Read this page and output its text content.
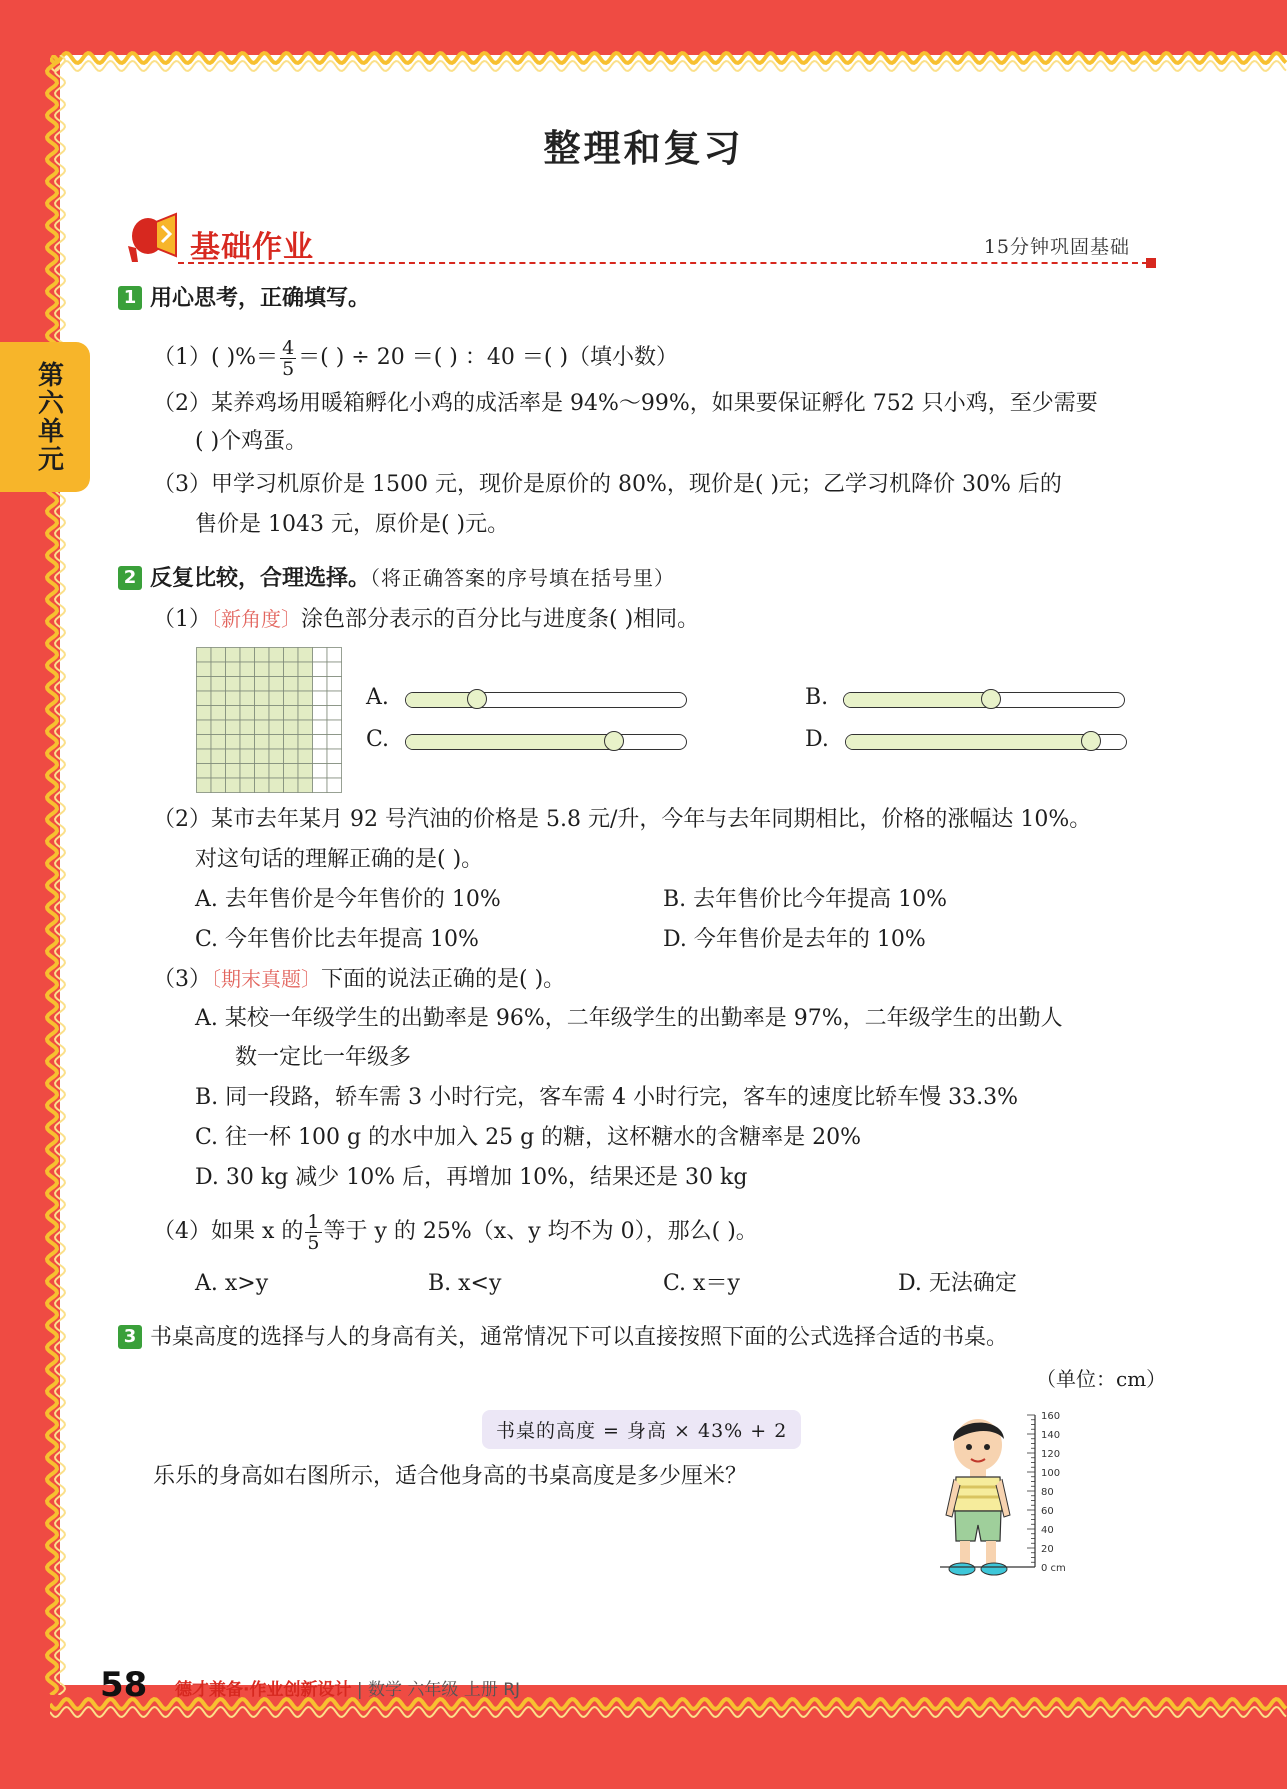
第六单元
整理和复习
基础作业	15分钟巩固基础
1 用心思考，正确填写。
（1）( )%＝ $\frac{4}{5}$ ＝( ) ÷ 20 ＝( ) ：40 ＝( )（填小数）
（2）某养鸡场用暖箱孵化小鸡的成活率是 94%～99%，如果要保证孵化 752 只小鸡，至少需要
( )个鸡蛋。
（3）甲学习机原价是 1500 元，现价是原价的 80%，现价是( )元；乙学习机降价 30% 后的
售价是 1043 元，原价是( )元。
2 反复比较，合理选择。（将正确答案的序号填在括号里）
（1）〔新角度〕涂色部分表示的百分比与进度条( )相同。
A.	B.
C.	D.
（2）某市去年某月 92 号汽油的价格是 5.8 元/升，今年与去年同期相比，价格的涨幅达 10%。
对这句话的理解正确的是( )。
A. 去年售价是今年售价的 10%	B. 去年售价比今年提高 10%
C. 今年售价比去年提高 10%	D. 今年售价是去年的 10%
（3）〔期末真题〕下面的说法正确的是( )。
A. 某校一年级学生的出勤率是 96%，二年级学生的出勤率是 97%，二年级学生的出勤人
数一定比一年级多
B. 同一段路，轿车需 3 小时行完，客车需 4 小时行完，客车的速度比轿车慢 33.3%
C. 往一杯 100 g 的水中加入 25 g 的糖，这杯糖水的含糖率是 20%
D. 30 kg 减少 10% 后，再增加 10%，结果还是 30 kg
（4）如果 x 的 $\frac{1}{5}$ 等于 y 的 25%（x、y 均不为 0），那么( )。
A. x>y	B. x<y	C. x＝y	D. 无法确定
3 书桌高度的选择与人的身高有关，通常情况下可以直接按照下面的公式选择合适的书桌。
（单位：cm）
书桌的高度 = 身高 × 43% + 2
乐乐的身高如右图所示，适合他身高的书桌高度是多少厘米？
160
140
120
100
80
60
40
20
0 cm
58 德才兼备·作业创新设计 | 数学 六年级 上册 RJ
